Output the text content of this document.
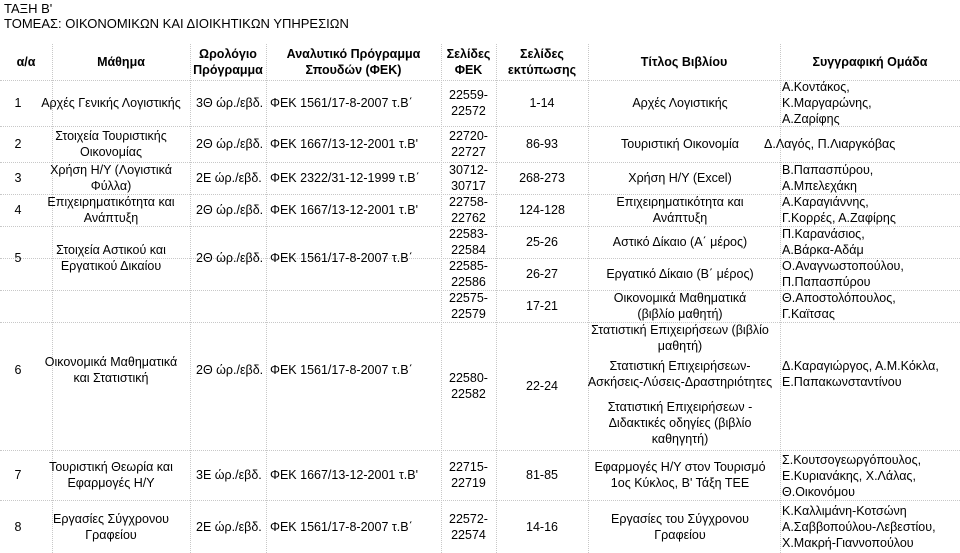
ΤΑΞΗ Β'
ΤΟΜΕΑΣ: ΟΙΚΟΝΟΜΙΚΩΝ ΚΑΙ ΔΙΟΙΚΗΤΙΚΩΝ ΥΠΗΡΕΣΙΩΝ
α/α	Μάθημα
Ωρολόγιο
Πρόγραμμα
Αναλυτικό Πρόγραμμα
Σπουδών (ΦΕΚ)
Σελίδες
ΦΕΚ
Σελίδες
εκτύπωσης
Τίτλος Βιβλίου	Συγγραφική Ομάδα
1
2
3
4
5
6
7
8
Αρχές Γενικής Λογιστικής
Στοιχεία Τουριστικής
Οικονομίας
Χρήση Η/Υ (Λογιστικά
Φύλλα)
Επιχειρηματικότητα και
Ανάπτυξη
Στοιχεία Αστικού και
Εργατικού Δικαίου
Οικονομικά Μαθηματικά
και Στατιστική
Τουριστική Θεωρία και
Εφαρμογές Η/Υ
Εργασίες Σύγχρονου
Γραφείου
3Θ ώρ./εβδ.
2Θ ώρ./εβδ.
2Ε ώρ./εβδ.
2Θ ώρ./εβδ.
2Θ ώρ./εβδ.
2Θ ώρ./εβδ.
3Ε ώρ./εβδ.
2Ε ώρ./εβδ.
ΦΕΚ 1561/17-8-2007 τ.Β΄
ΦΕΚ 1667/13-12-2001 τ.Β'
ΦΕΚ 2322/31-12-1999 τ.Β΄
ΦΕΚ 1667/13-12-2001 τ.Β'
ΦΕΚ 1561/17-8-2007 τ.Β΄
ΦΕΚ 1561/17-8-2007 τ.Β΄
ΦΕΚ 1667/13-12-2001 τ.Β'
ΦΕΚ 1561/17-8-2007 τ.Β΄
22559-
22572
22720-
22727
30712-
30717
22758-
22762
22583-
22584
22585-
22586
22575-
22579
22580-
22582
22715-
22719
22572-
22574
1-14
86-93
268-273
124-128
25-26
26-27
17-21
22-24
81-85
14-16
Αρχές Λογιστικής
Τουριστική Οικονομία
Χρήση Η/Υ (Excel)
Επιχειρηματικότητα και
Ανάπτυξη
Αστικό Δίκαιο (Α΄ μέρος)
Εργατικό Δίκαιο (Β΄ μέρος)
Οικονομικά Μαθηματικά
(βιβλίο μαθητή)
Στατιστική Επιχειρήσεων (βιβλίο
μαθητή)
Στατιστική Επιχειρήσεων-
Ασκήσεις-Λύσεις-Δραστηριότητες
Στατιστική Επιχειρήσεων -
Διδακτικές οδηγίες (βιβλίο
καθηγητή)
Εφαρμογές Η/Υ στον Τουρισμό
1ος Κύκλος, Β' Τάξη ΤΕΕ
Εργασίες του Σύγχρονου
Γραφείου
Α.Κοντάκος,
Κ.Μαργαρώνης,
Α.Ζαρίφης
Δ.Λαγός, Π.Λιαργκόβας
Β.Παπασπύρου,
Α.Μπελεχάκη
Α.Καραγιάννης,
Γ.Κορρές, Α.Ζαφίρης
Π.Καρανάσιος,
Α.Βάρκα-Αδάμ
Ο.Αναγνωστοπούλου,
Π.Παπασπύρου
Θ.Αποστολόπουλος,
Γ.Καϊτσας
Δ.Καραγιώργος, Α.Μ.Κόκλα,
Ε.Παπακωνσταντίνου
Σ.Κουτσογεωργόπουλος,
Ε.Κυριανάκης, Χ.Λάλας,
Θ.Οικονόμου
Κ.Καλλιμάνη-Κοτσώνη
Α.Σαββοπούλου-Λεβεστίου,
Χ.Μακρή-Γιαννοπούλου
